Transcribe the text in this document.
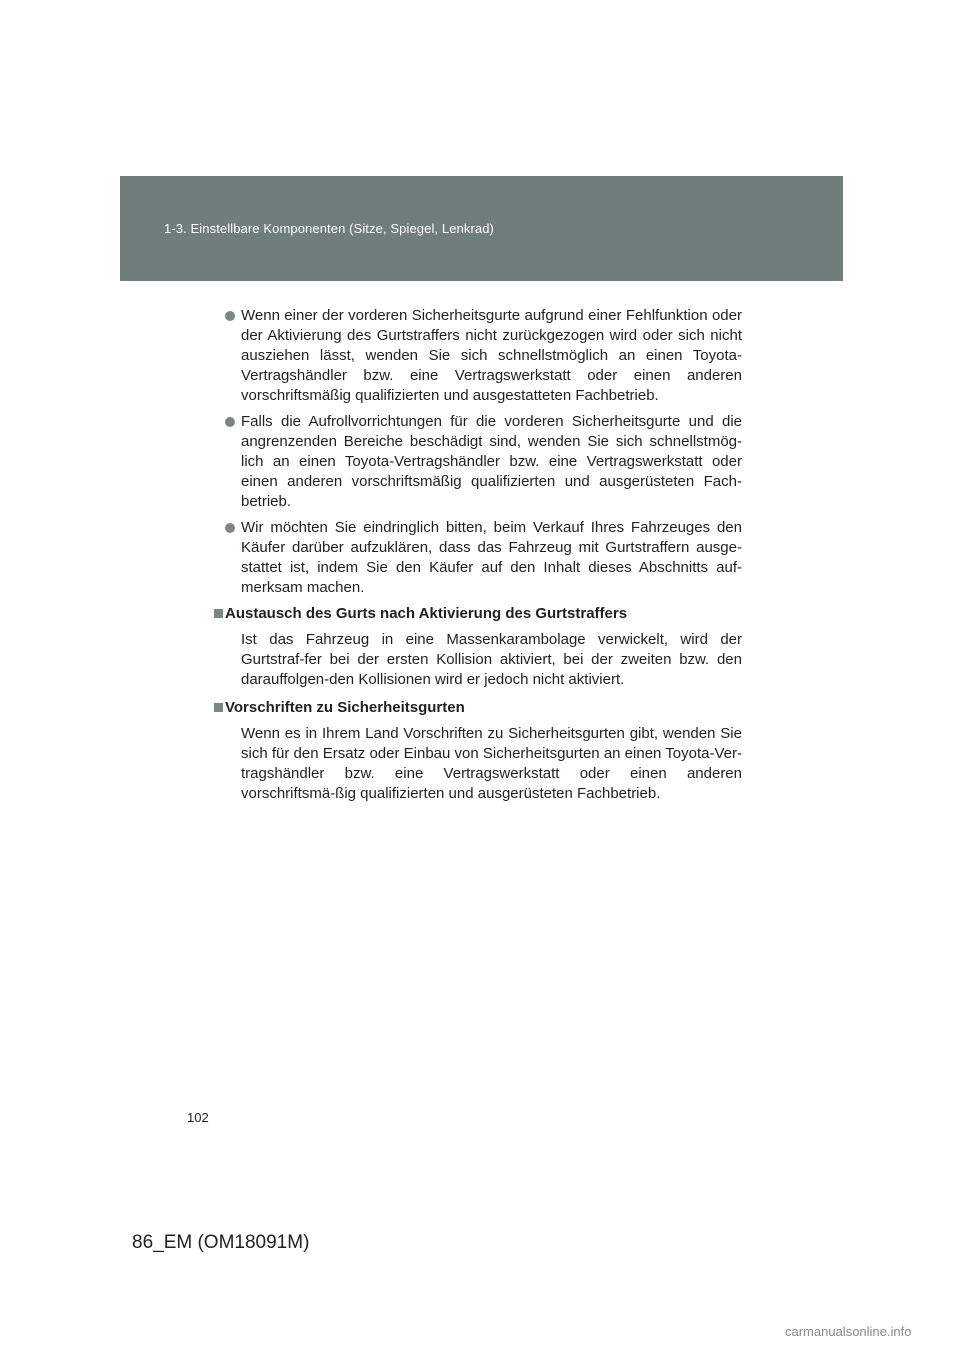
1-3. Einstellbare Komponenten (Sitze, Spiegel, Lenkrad)
Wenn einer der vorderen Sicherheitsgurte aufgrund einer Fehlfunktion oder der Aktivierung des Gurtstraffers nicht zurückgezogen wird oder sich nicht ausziehen lässt, wenden Sie sich schnellstmöglich an einen Toyota-Vertragshändler bzw. eine Vertragswerkstatt oder einen anderen vorschriftsmäßig qualifizierten und ausgestatteten Fachbetrieb.
Falls die Aufrollvorrichtungen für die vorderen Sicherheitsgurte und die angrenzenden Bereiche beschädigt sind, wenden Sie sich schnellstmög-lich an einen Toyota-Vertragshändler bzw. eine Vertragswerkstatt oder einen anderen vorschriftsmäßig qualifizierten und ausgerüsteten Fach-betrieb.
Wir möchten Sie eindringlich bitten, beim Verkauf Ihres Fahrzeuges den Käufer darüber aufzuklären, dass das Fahrzeug mit Gurtstraffern ausge-stattet ist, indem Sie den Käufer auf den Inhalt dieses Abschnitts auf-merksam machen.
Austausch des Gurts nach Aktivierung des Gurtstraffers
Ist das Fahrzeug in eine Massenkarambolage verwickelt, wird der Gurtstraf-fer bei der ersten Kollision aktiviert, bei der zweiten bzw. den darauffolgen-den Kollisionen wird er jedoch nicht aktiviert.
Vorschriften zu Sicherheitsgurten
Wenn es in Ihrem Land Vorschriften zu Sicherheitsgurten gibt, wenden Sie sich für den Ersatz oder Einbau von Sicherheitsgurten an einen Toyota-Ver-tragshändler bzw. eine Vertragswerkstatt oder einen anderen vorschriftsmä-ßig qualifizierten und ausgerüsteten Fachbetrieb.
102
86_EM (OM18091M)
carmanualsonline.info
